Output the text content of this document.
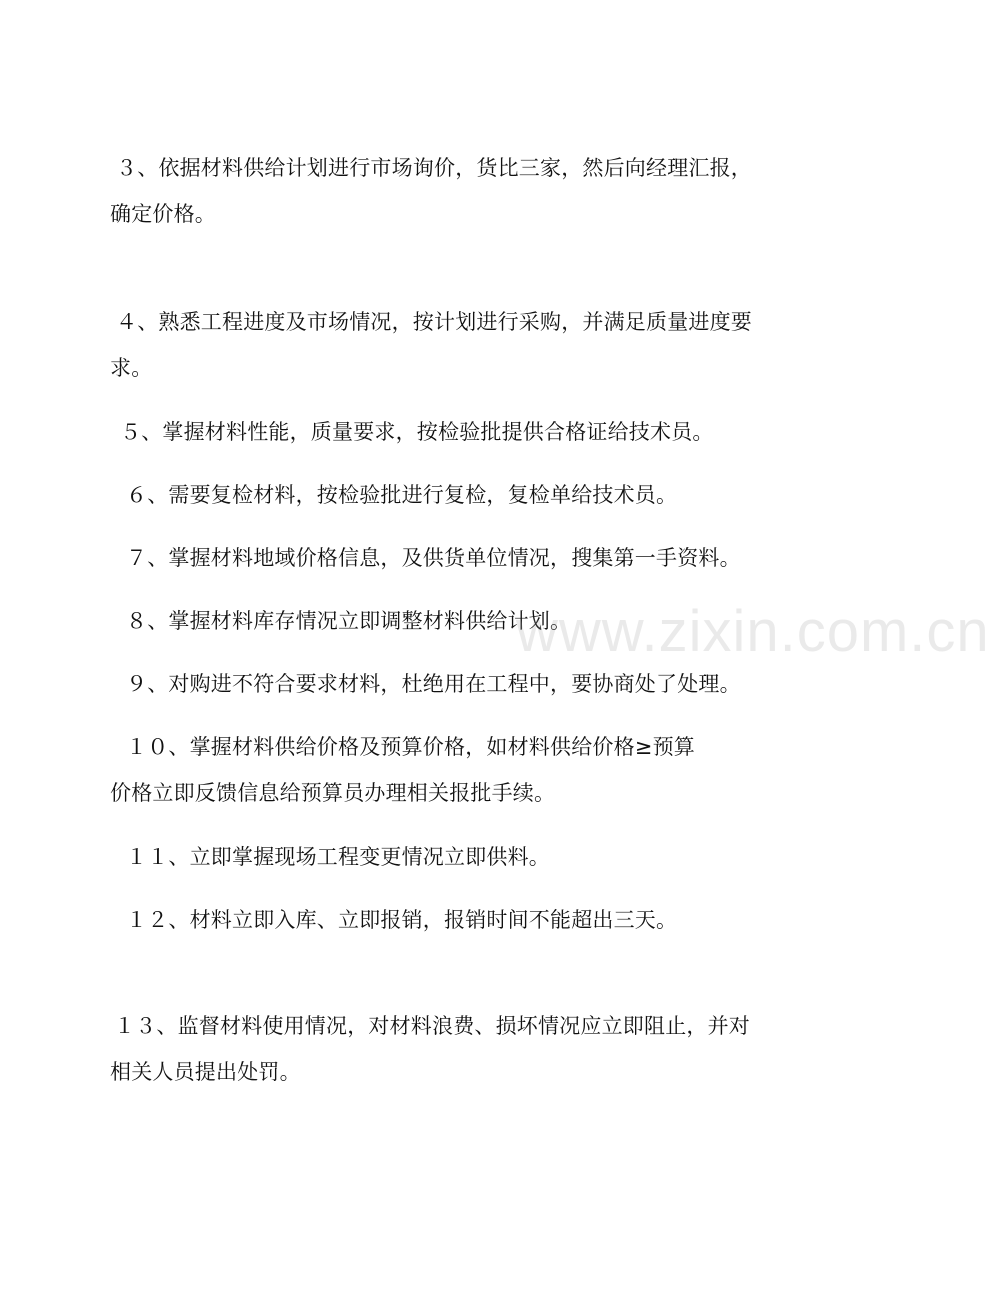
３、依据材料供给计划进行市场询价，货比三家，然后向经理汇报，
确定价格。
４、熟悉工程进度及市场情况，按计划进行采购，并满足质量进度要
求。
５、掌握材料性能，质量要求，按检验批提供合格证给技术员。
６、需要复检材料，按检验批进行复检，复检单给技术员。
７、掌握材料地域价格信息，及供货单位情况，搜集第一手资料。
８、掌握材料库存情况立即调整材料供给计划。
９、对购进不符合要求材料，杜绝用在工程中，要协商处了处理。
１０、掌握材料供给价格及预算价格，如材料供给价格≥预算
价格立即反馈信息给预算员办理相关报批手续。
１１、立即掌握现场工程变更情况立即供料。
１２、材料立即入库、立即报销，报销时间不能超出三天。
１３、监督材料使用情况，对材料浪费、损坏情况应立即阻止，并对
相关人员提出处罚。
www.zixin.com.cn
